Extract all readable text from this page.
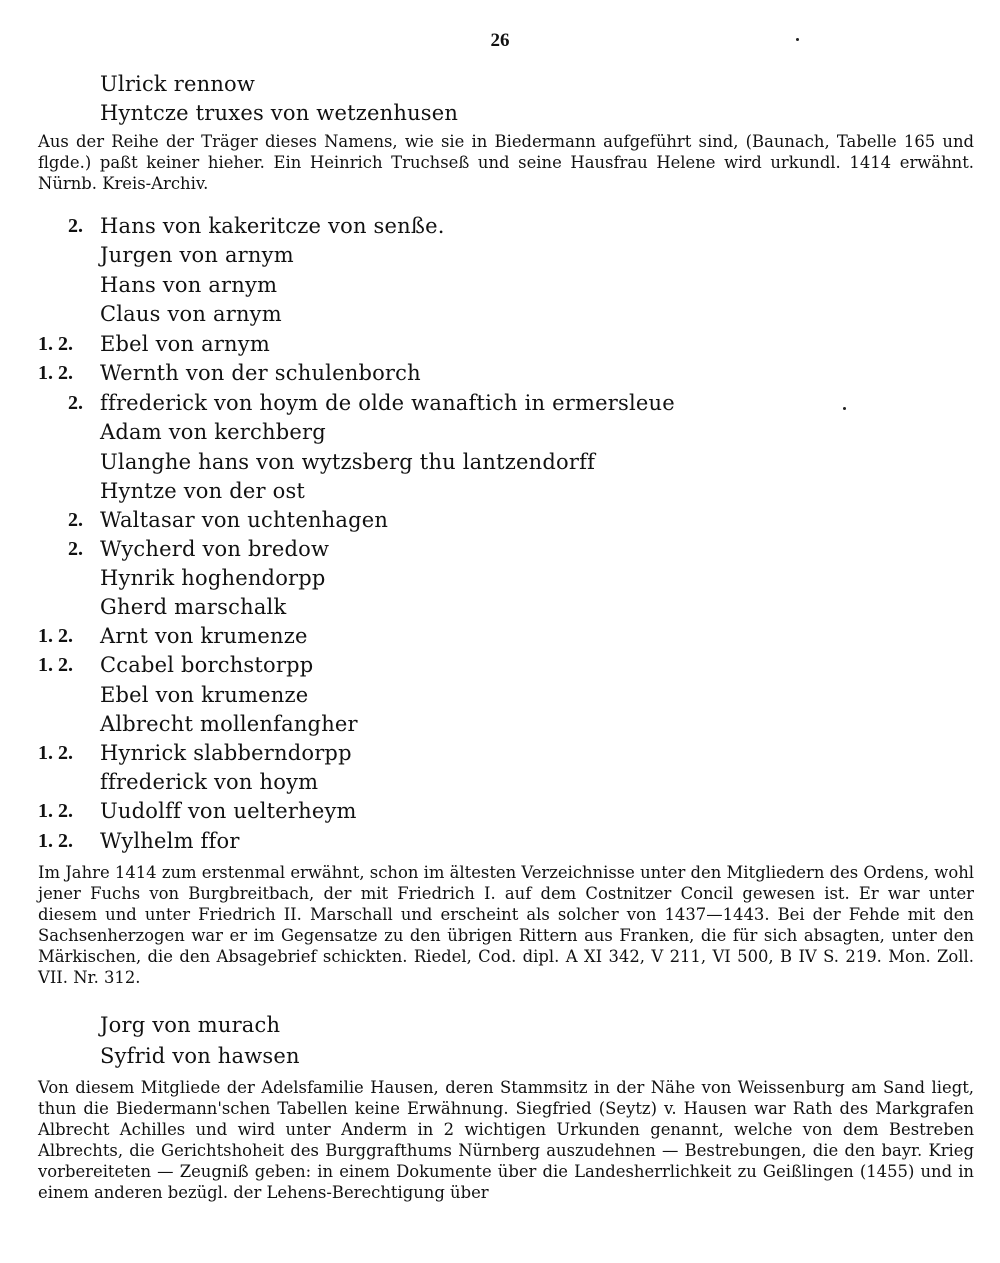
26
Ulrick rennow
Hyntcze truxes von wetzenhusen
2. Hans von kakeritcze von senße.
Jurgen von arnym
Hans von arnym
Claus von arnym
1. 2.	Ebel von arnym
1. 2.	Wernth von der schulenborch
2. ffrederick von hoym de olde wanaftich in ermersleue
Adam von kerchberg
Ulanghe hans von wytzsberg thu lantzendorff
Hyntze von der ost
2. Waltasar von uchtenhagen
2. Wycherd von bredow
Hynrik hoghendorpp
Gherd marschalk
1. 2.	Arnt von krumenze
1. 2.	Ccabel borchstorpp
Ebel von krumenze
Albrecht mollenfangher
1. 2.	Hynrick slabberndorpp
ffrederick von hoym
1. 2.	Uudolff von uelterheym
1. 2.	Wylhelm ffor
Jorg von murach
Syfrid von hawsen

Aus der Reihe der Träger dieses Namens, wie sie in Biedermann aufgeführt sind, (Baunach, Tabelle 165 und flgde.) paßt keiner hieher. Ein Heinrich Truchseß und seine Hausfrau Helene wird urkundl. 1414 erwähnt. Nürnb. Kreis-Archiv.

Im Jahre 1414 zum erstenmal erwähnt, schon im ältesten Verzeichnisse unter den Mitgliedern des Ordens, wohl jener Fuchs von Burgbreitbach, der mit Friedrich I. auf dem Costnitzer Concil gewesen ist. Er war unter diesem und unter Friedrich II. Marschall und erscheint als solcher von 1437—1443. Bei der Fehde mit den Sachsenherzogen war er im Gegensatze zu den übrigen Rittern aus Franken, die für sich absagten, unter den Märkischen, die den Absagebrief schickten. Riedel, Cod. dipl. A XI 342, V 211, VI 500, B IV S. 219. Mon. Zoll. VII. Nr. 312.

Von diesem Mitgliede der Adelsfamilie Hausen, deren Stammsitz in der Nähe von Weissenburg am Sand liegt, thun die Biedermann'schen Tabellen keine Erwähnung. Siegfried (Seytz) v. Hausen war Rath des Markgrafen Albrecht Achilles und wird unter Anderm in 2 wichtigen Urkunden genannt, welche von dem Bestreben Albrechts, die Gerichtshoheit des Burggrafthums Nürnberg auszudehnen — Bestrebungen, die den bayr. Krieg vorbereiteten — Zeugniß geben: in einem Dokumente über die Landesherrlichkeit zu Geißlingen (1455) und in einem anderen bezügl. der Lehens-Berechtigung über
